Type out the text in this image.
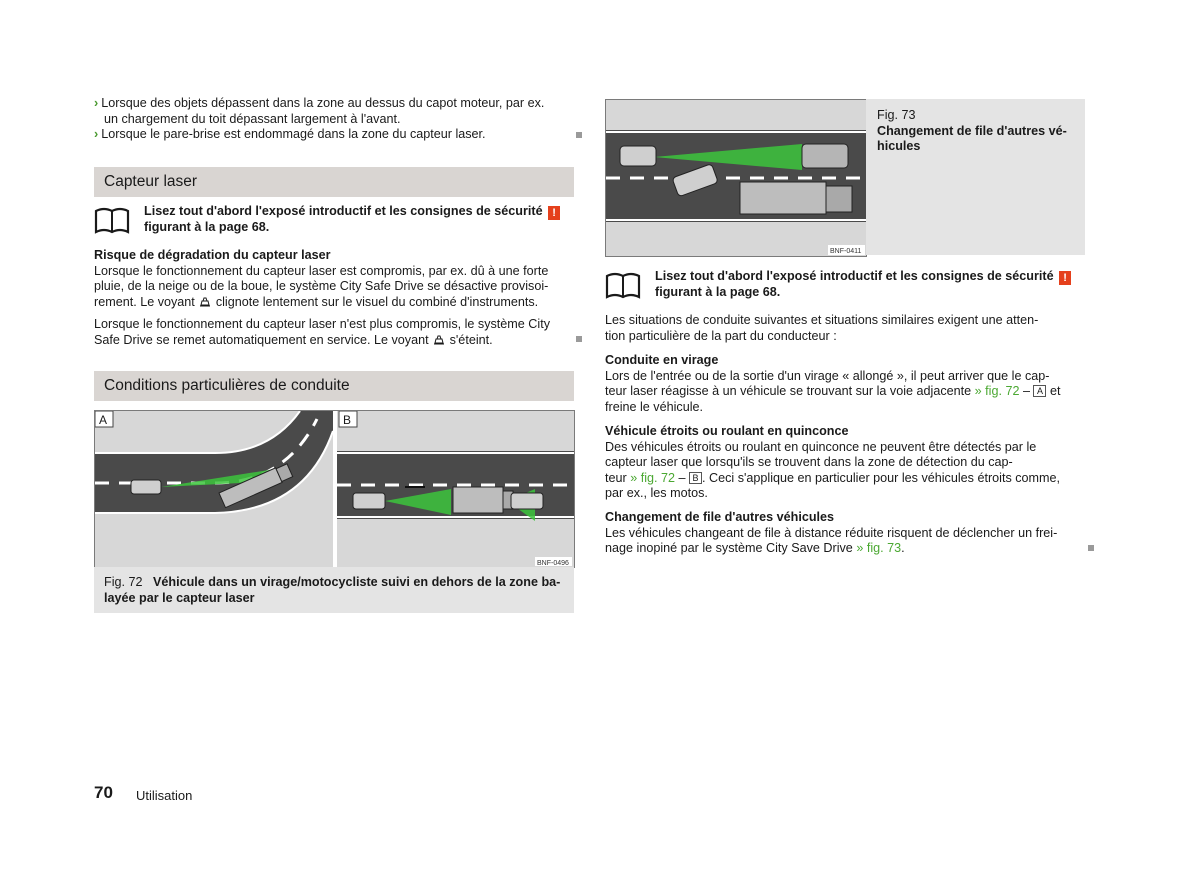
› Lorsque des objets dépassent dans la zone au dessus du capot moteur, par ex.
un chargement du toit dépassant largement à l'avant.
› Lorsque le pare-brise est endommagé dans la zone du capteur laser.
Capteur laser
Lisez tout d'abord l'exposé introductif et les consignes de sécurité !
figurant à la page 68.
Risque de dégradation du capteur laser
Lorsque le fonctionnement du capteur laser est compromis, par ex. dû à une forte
pluie, de la neige ou de la boue, le système City Safe Drive se désactive provisoi-
rement. Le voyant clignote lentement sur le visuel du combiné d'instruments.
Lorsque le fonctionnement du capteur laser n'est plus compromis, le système City
Safe Drive se remet automatiquement en service. Le voyant s'éteint.
Conditions particulières de conduite
A	B
BNF-0496
Fig. 72 Véhicule dans un virage/motocycliste suivi en dehors de la zone ba-
layée par le capteur laser
BNF-0411
Fig. 73
Changement de file d'autres vé-
hicules
Lisez tout d'abord l'exposé introductif et les consignes de sécurité !
figurant à la page 68.
Les situations de conduite suivantes et situations similaires exigent une atten-
tion particulière de la part du conducteur :
Conduite en virage
Lors de l'entrée ou de la sortie d'un virage « allongé », il peut arriver que le cap-
teur laser réagisse à un véhicule se trouvant sur la voie adjacente » fig. 72 – A et
freine le véhicule.
Véhicule étroits ou roulant en quinconce
Des véhicules étroits ou roulant en quinconce ne peuvent être détectés par le
capteur laser que lorsqu'ils se trouvent dans la zone de détection du cap-
teur » fig. 72 – B . Ceci s'applique en particulier pour les véhicules étroits comme,
par ex., les motos.
Changement de file d'autres véhicules
Les véhicules changeant de file à distance réduite risquent de déclencher un frei-
nage inopiné par le système City Save Drive » fig. 73.
70 Utilisation
